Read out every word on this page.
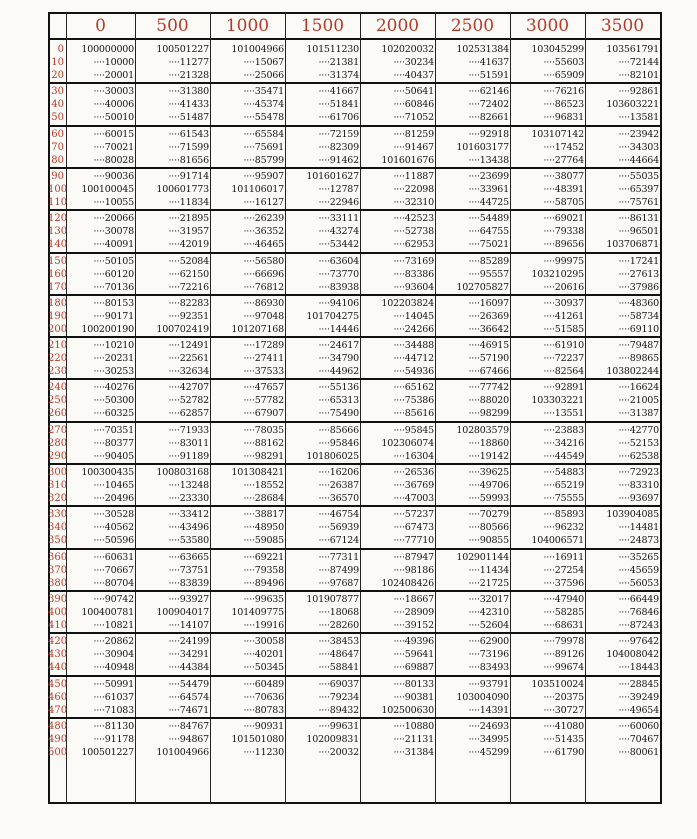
0	500	1000	1500	2000	2500	3000	3500
0	100000000	100501227	101004966	101511230	102020032	102531384	103045299	103561791
10	····10000	····11277	····15067	····21381	····30234	····41637	····55603	····72144
20	····20001	····21328	····25066	····31374	····40437	····51591	····65909	····82101
30	····30003	····31380	····35471	····41667	····50641	····62146	····76216	····92861
40	····40006	····41433	····45374	····51841	····60846	····72402	····86523	103603221
50	····50010	····51487	····55478	····61706	····71052	····82661	····96831	····13581
60	····60015	····61543	····65584	····72159	····81259	····92918	103107142	····23942
70	····70021	····71599	····75691	····82309	····91467	101603177	····17452	····34303
80	····80028	····81656	····85799	····91462	101601676	····13438	····27764	····44664
90	····90036	····91714	····95907	101601627	····11887	····23699	····38077	····55035
100	100100045	100601773	101106017	····12787	····22098	····33961	····48391	····65397
110	····10055	····11834	····16127	····22946	····32310	····44725	····58705	····75761
120	····20066	····21895	····26239	····33111	····42523	····54489	····69021	····86131
130	····30078	····31957	····36352	····43274	····52738	····64755	····79338	····96501
140	····40091	····42019	····46465	····53442	····62953	····75021	····89656	103706871
150	····50105	····52084	····56580	····63604	····73169	····85289	····99975	····17241
160	····60120	····62150	····66696	····73770	····83386	····95557	103210295	····27613
170	····70136	····72216	····76812	····83938	····93604	102705827	····20616	····37986
180	····80153	····82283	····86930	····94106	102203824	····16097	····30937	····48360
190	····90171	····92351	····97048	101704275	····14045	····26369	····41261	····58734
200	100200190	100702419	101207168	····14446	····24266	····36642	····51585	····69110
210	····10210	····12491	····17289	····24617	····34488	····46915	····61910	····79487
220	····20231	····22561	····27411	····34790	····44712	····57190	····72237	····89865
230	····30253	····32634	····37533	····44962	····54936	····67466	····82564	103802244
240	····40276	····42707	····47657	····55136	····65162	····77742	····92891	····16624
250	····50300	····52782	····57782	····65313	····75386	····88020	103303221	····21005
260	····60325	····62857	····67907	····75490	····85616	····98299	····13551	····31387
270	····70351	····71933	····78035	····85666	····95845	102803579	····23883	····42770
280	····80377	····83011	····88162	····95846	102306074	····18860	····34216	····52153
290	····90405	····91189	····98291	101806025	····16304	····19142	····44549	····62538
300	100300435	100803168	101308421	····16206	····26536	····39625	····54883	····72923
310	····10465	····13248	····18552	····26387	····36769	····49706	····65219	····83310
320	····20496	····23330	····28684	····36570	····47003	····59993	····75555	····93697
330	····30528	····33412	····38817	····46754	····57237	····70279	····85893	103904085
340	····40562	····43496	····48950	····56939	····67473	····80566	····96232	····14481
350	····50596	····53580	····59085	····67124	····77710	····90855	104006571	····24873
360	····60631	····63665	····69221	····77311	····87947	102901144	····16911	····35265
370	····70667	····73751	····79358	····87499	····98186	····11434	····27254	····45659
380	····80704	····83839	····89496	····97687	102408426	····21725	····37596	····56053
390	····90742	····93927	····99635	101907877	····18667	····32017	····47940	····66449
400	100400781	100904017	101409775	····18068	····28909	····42310	····58285	····76846
410	····10821	····14107	····19916	····28260	····39152	····52604	····68631	····87243
420	····20862	····24199	····30058	····38453	····49396	····62900	····79978	····97642
430	····30904	····34291	····40201	····48647	····59641	····73196	····89126	104008042
440	····40948	····44384	····50345	····58841	····69887	····83493	····99674	····18443
450	····50991	····54479	····60489	····69037	····80133	····93791	103510024	····28845
460	····61037	····64574	····70636	····79234	····90381	103004090	····20375	····39249
470	····71083	····74671	····80783	····89432	102500630	····14391	····30727	····49654
480	····81130	····84767	····90931	····99631	····10880	····24693	····41080	····60060
490	····91178	····94867	101501080	102009831	····21131	····34995	····51435	····70467
500	100501227	101004966	····11230	····20032	····31384	····45299	····61790	····80061
